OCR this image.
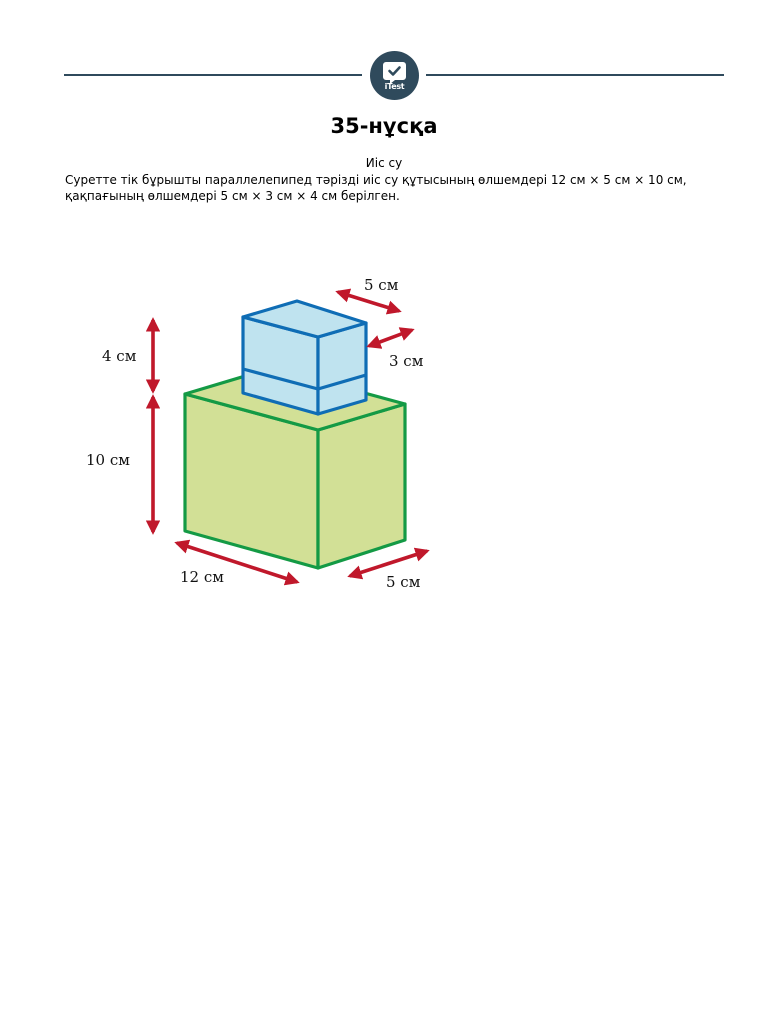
iTest
35-нұсқа
Иіс су
Суретте тік бұрышты параллелепипед тәрізді иіс су құтысының өлшемдері 12 см × 5 см × 10 см, қақпағының өлшемдері 5 см × 3 см × 4 см берілген.
4 см
10 см
12 см	5 см
5 см
3 см
